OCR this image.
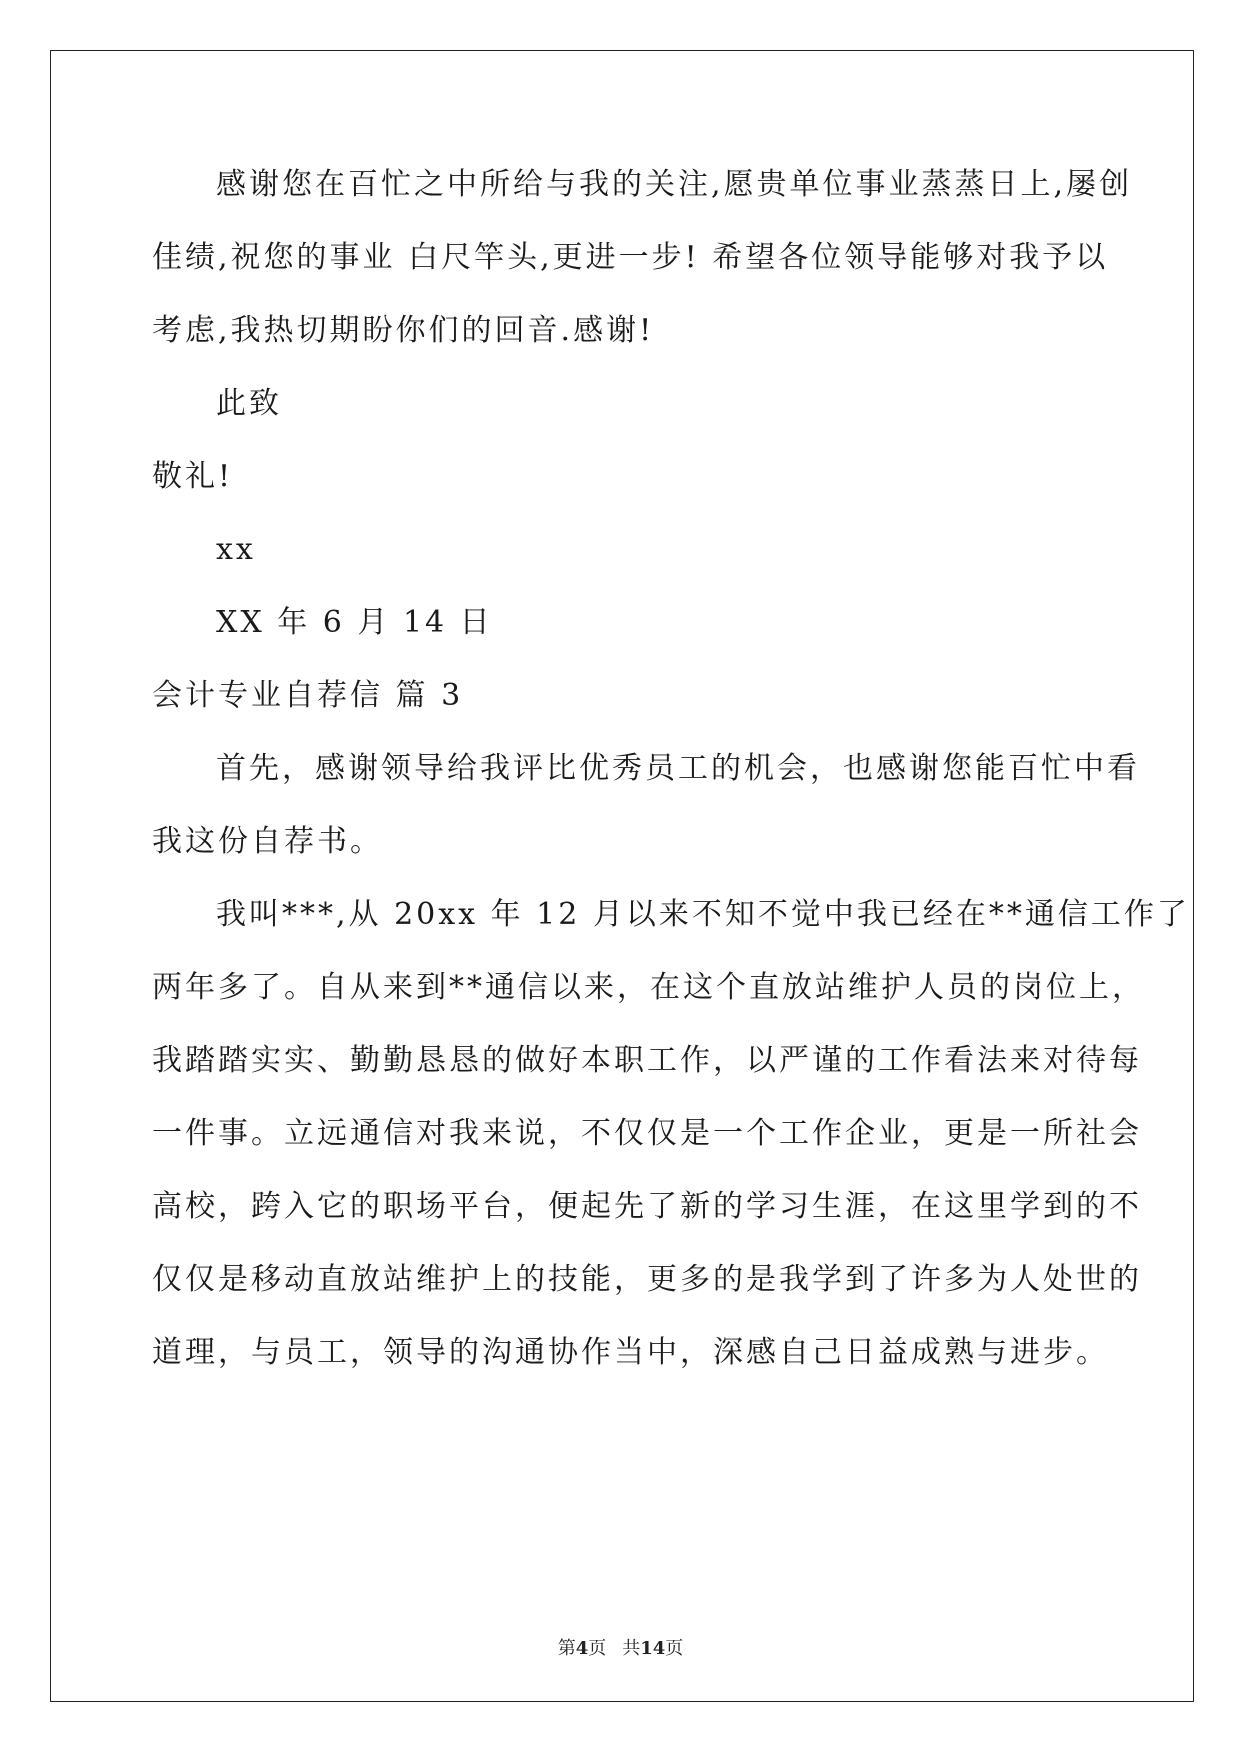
感谢您在百忙之中所给与我的关注,愿贵单位事业蒸蒸日上,屡创
佳绩,祝您的事业 白尺竿头,更进一步! 希望各位领导能够对我予以
考虑,我热切期盼你们的回音.感谢!
此致
敬礼!
xx
XX 年 6 月 14 日
会计专业自荐信 篇 3
首先，感谢领导给我评比优秀员工的机会，也感谢您能百忙中看
我这份自荐书。
我叫***,从 20xx 年 12 月以来不知不觉中我已经在**通信工作了
两年多了。自从来到**通信以来，在这个直放站维护人员的岗位上，
我踏踏实实、勤勤恳恳的做好本职工作，以严谨的工作看法来对待每
一件事。立远通信对我来说，不仅仅是一个工作企业，更是一所社会
高校，跨入它的职场平台，便起先了新的学习生涯，在这里学到的不
仅仅是移动直放站维护上的技能，更多的是我学到了许多为人处世的
道理，与员工，领导的沟通协作当中，深感自己日益成熟与进步。
第4页 共14页
